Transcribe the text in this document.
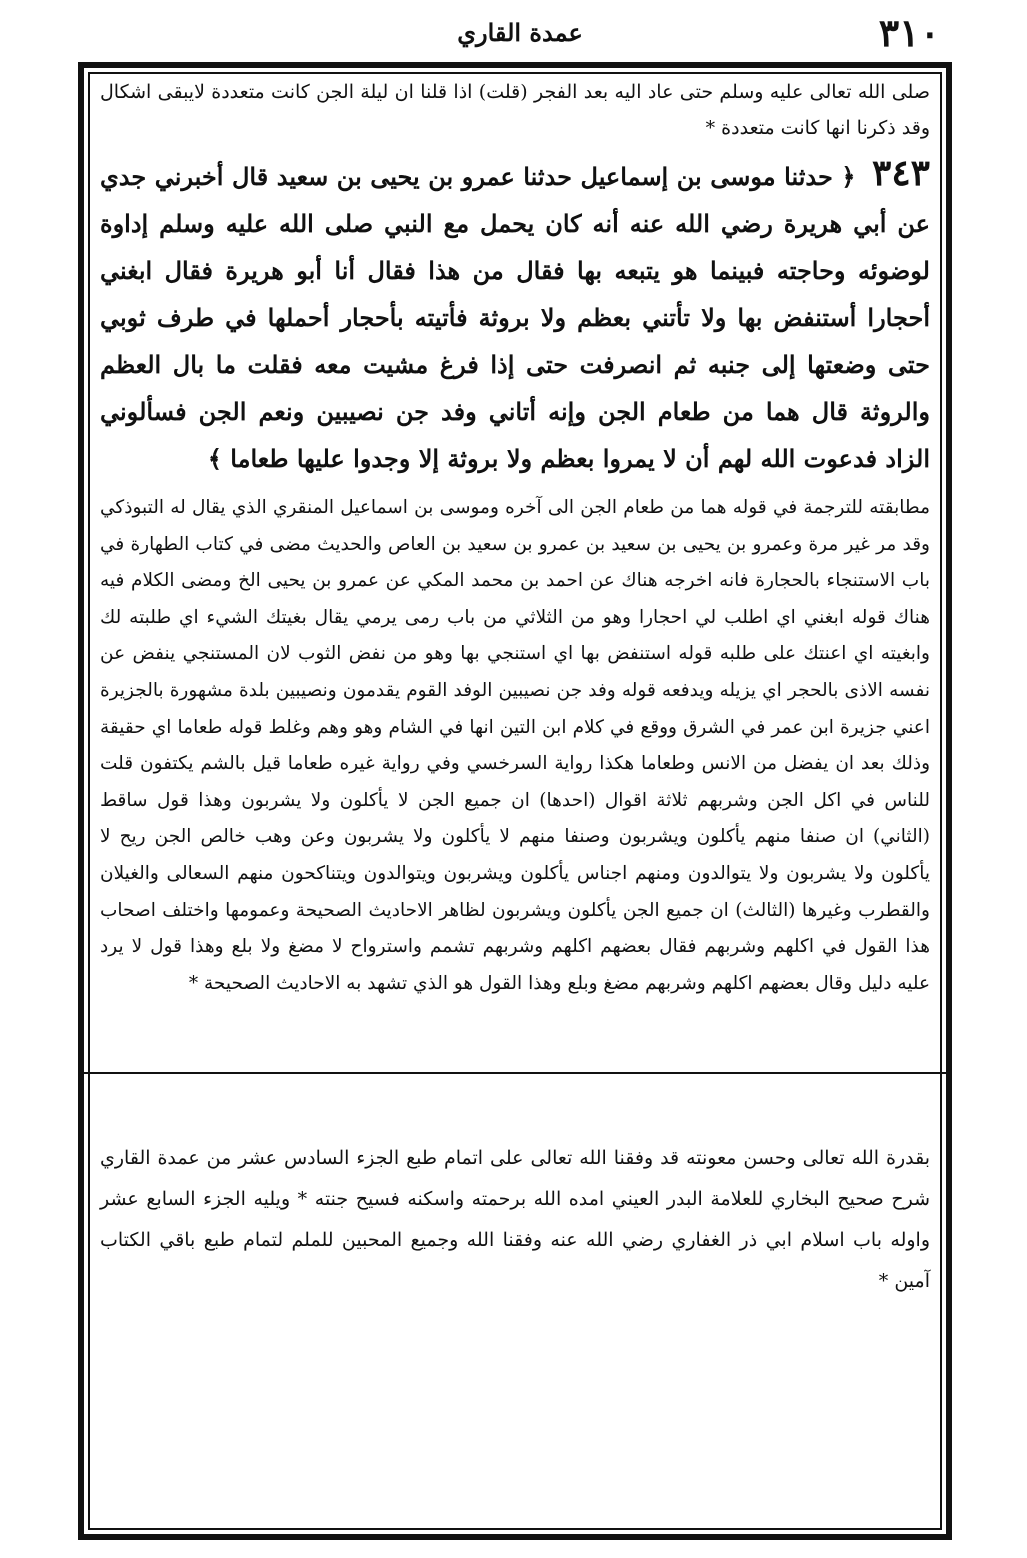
٣١٠
عمدة القاري

صلى الله تعالى عليه وسلم حتى عاد اليه بعد الفجر (قلت) اذا قلنا ان ليلة الجن كانت متعددة لايبقى اشكال وقد ذكرنا انها كانت متعددة *

٣٤٣ ﴿ حدثنا موسى بن إسماعيل حدثنا عمرو بن يحيى بن سعيد قال أخبرني جدي عن أبي هريرة رضي الله عنه أنه كان يحمل مع النبي صلى الله عليه وسلم إداوة لوضوئه وحاجته فبينما هو يتبعه بها فقال من هذا فقال أنا أبو هريرة فقال ابغني أحجارا أستنفض بها ولا تأتني بعظم ولا بروثة فأتيته بأحجار أحملها في طرف ثوبي حتى وضعتها إلى جنبه ثم انصرفت حتى إذا فرغ مشيت معه فقلت ما بال العظم والروثة قال هما من طعام الجن وإنه أتاني وفد جن نصيبين ونعم الجن فسألوني الزاد فدعوت الله لهم أن لا يمروا بعظم ولا بروثة إلا وجدوا عليها طعاما ﴾

مطابقته للترجمة في قوله هما من طعام الجن الى آخره وموسى بن اسماعيل المنقري الذي يقال له التبوذكي وقد مر غير مرة وعمرو بن يحيى بن سعيد بن عمرو بن سعيد بن العاص والحديث مضى في كتاب الطهارة في باب الاستنجاء بالحجارة فانه اخرجه هناك عن احمد بن محمد المكي عن عمرو بن يحيى الخ ومضى الكلام فيه هناك قوله ابغني اي اطلب لي احجارا وهو من الثلاثي من باب رمى يرمي يقال بغيتك الشيء اي طلبته لك وابغيته اي اعنتك على طلبه قوله استنفض بها اي استنجي بها وهو من نفض الثوب لان المستنجي ينفض عن نفسه الاذى بالحجر اي يزيله ويدفعه قوله وفد جن نصيبين الوفد القوم يقدمون ونصيبين بلدة مشهورة بالجزيرة اعني جزيرة ابن عمر في الشرق ووقع في كلام ابن التين انها في الشام وهو وهم وغلط قوله طعاما اي حقيقة وذلك بعد ان يفضل من الانس وطعاما هكذا رواية السرخسي وفي رواية غيره طعاما قيل بالشم يكتفون قلت للناس في اكل الجن وشربهم ثلاثة اقوال (احدها) ان جميع الجن لا يأكلون ولا يشربون وهذا قول ساقط (الثاني) ان صنفا منهم يأكلون ويشربون وصنفا منهم لا يأكلون ولا يشربون وعن وهب خالص الجن ريح لا يأكلون ولا يشربون ولا يتوالدون ومنهم اجناس يأكلون ويشربون ويتوالدون ويتناكحون منهم السعالى والغيلان والقطرب وغيرها (الثالث) ان جميع الجن يأكلون ويشربون لظاهر الاحاديث الصحيحة وعمومها واختلف اصحاب هذا القول في اكلهم وشربهم فقال بعضهم اكلهم وشربهم تشمم واسترواح لا مضغ ولا بلع وهذا قول لا يرد عليه دليل وقال بعضهم اكلهم وشربهم مضغ وبلع وهذا القول هو الذي تشهد به الاحاديث الصحيحة *

بقدرة الله تعالى وحسن معونته قد وفقنا الله تعالى على اتمام طبع الجزء السادس عشر من عمدة القاري شرح صحيح البخاري للعلامة البدر العيني امده الله برحمته واسكنه فسيح جنته * ويليه الجزء السابع عشر واوله باب اسلام ابي ذر الغفاري رضي الله عنه وفقنا الله وجميع المحبين للملم لتمام طبع باقي الكتاب آمين *
